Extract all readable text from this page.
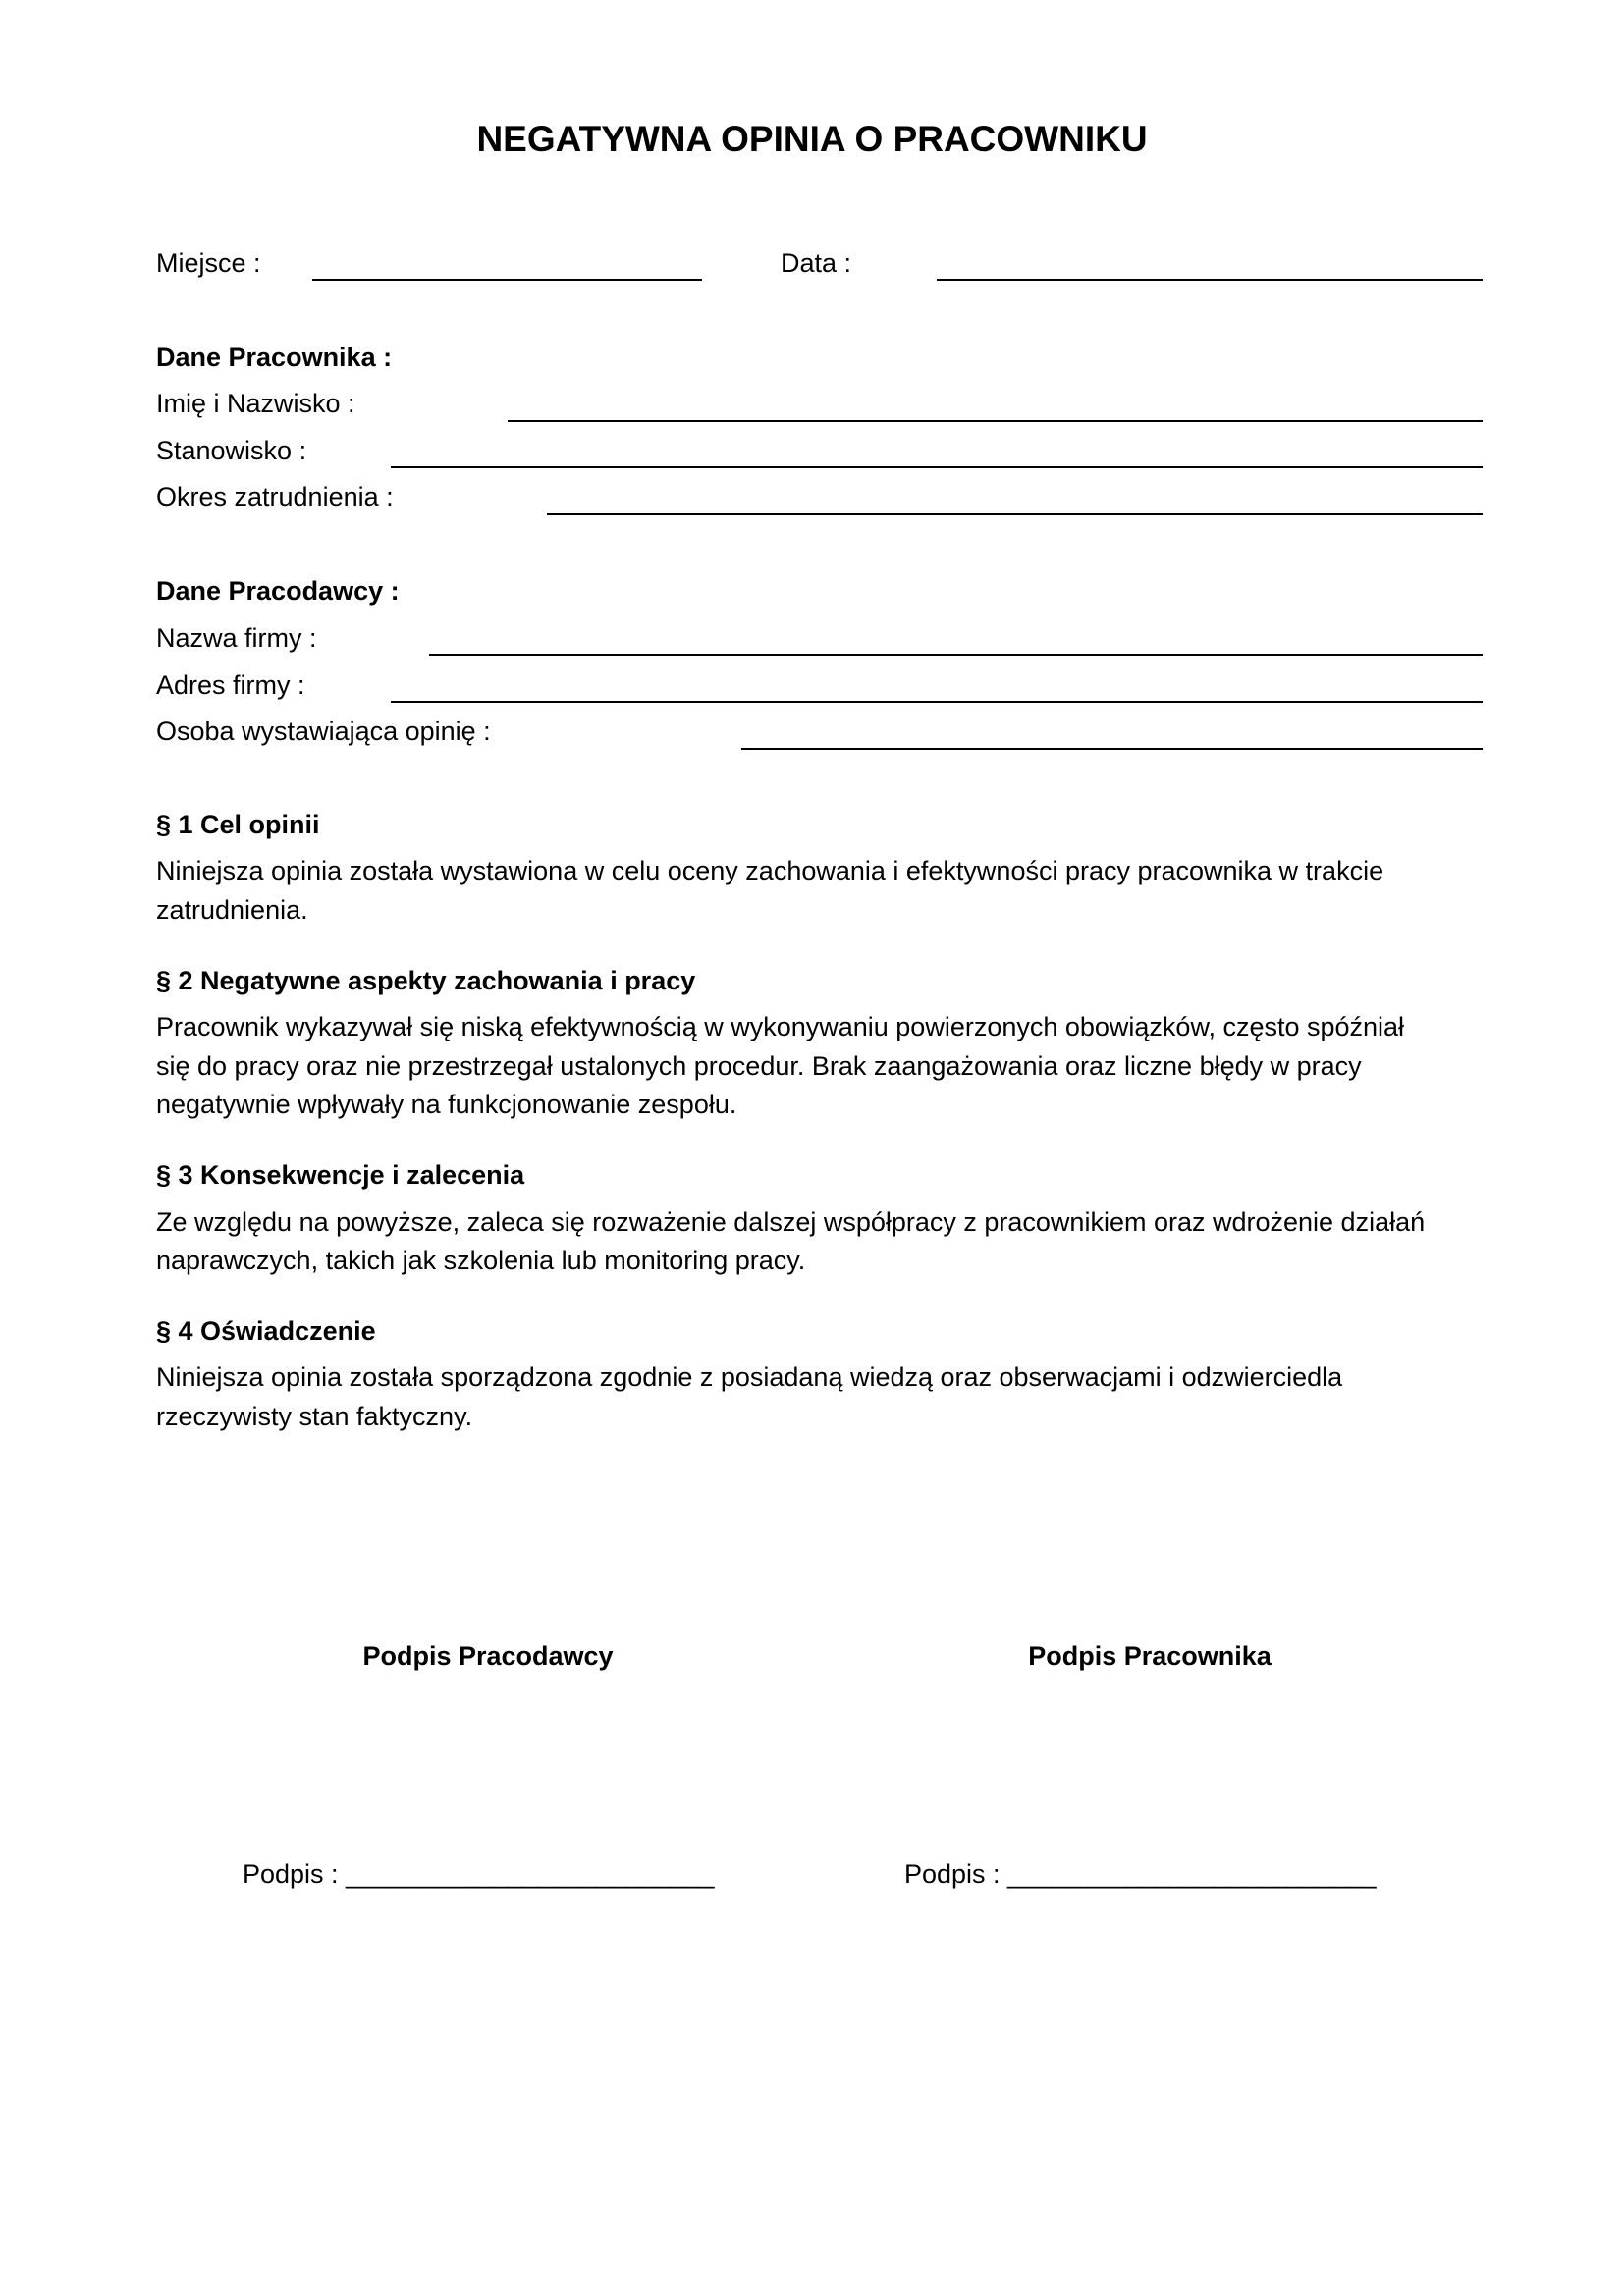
NEGATYWNA OPINIA O PRACOWNIKU
Miejsce :	Data :
Dane Pracownika :
Imię i Nazwisko :
Stanowisko :
Okres zatrudnienia :
Dane Pracodawcy :
Nazwa firmy :
Adres firmy :
Osoba wystawiająca opinię :
§ 1 Cel opinii
Niniejsza opinia została wystawiona w celu oceny zachowania i efektywności pracy pracownika w trakcie
zatrudnienia.
§ 2 Negatywne aspekty zachowania i pracy
Pracownik wykazywał się niską efektywnością w wykonywaniu powierzonych obowiązków, często spóźniał
się do pracy oraz nie przestrzegał ustalonych procedur. Brak zaangażowania oraz liczne błędy w pracy
negatywnie wpływały na funkcjonowanie zespołu.
§ 3 Konsekwencje i zalecenia
Ze względu na powyższe, zaleca się rozważenie dalszej współpracy z pracownikiem oraz wdrożenie działań
naprawczych, takich jak szkolenia lub monitoring pracy.
§ 4 Oświadczenie
Niniejsza opinia została sporządzona zgodnie z posiadaną wiedzą oraz obserwacjami i odzwierciedla
rzeczywisty stan faktyczny.
Podpis Pracodawcy	Podpis Pracownika
Podpis : _________________________	Podpis : _________________________
